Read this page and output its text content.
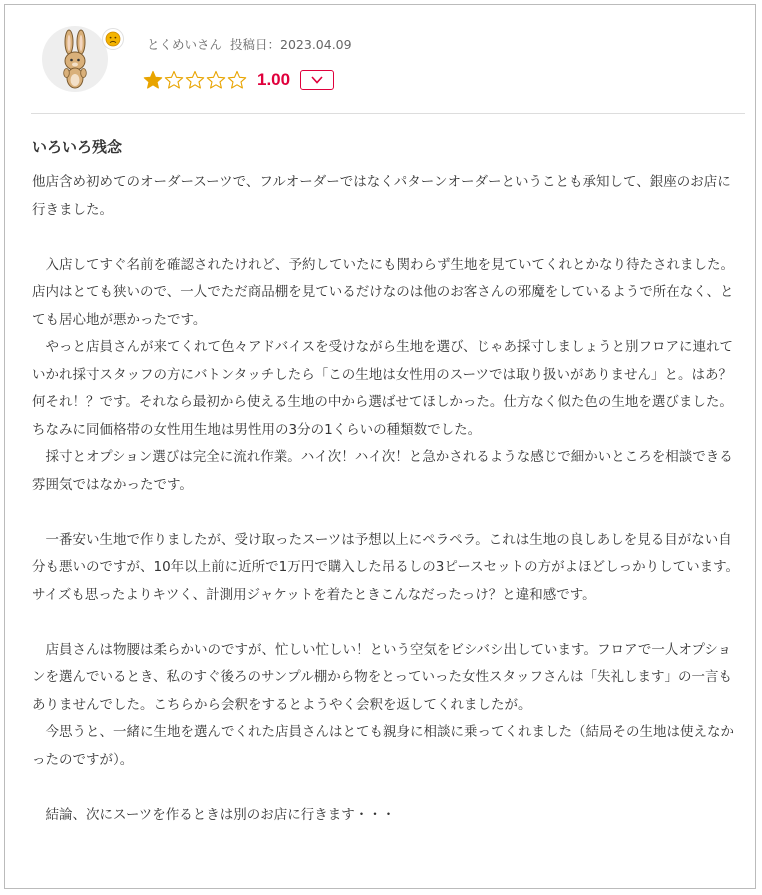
とくめいさん 投稿日：2023.04.09
1.00
いろいろ残念

他店含め初めてのオーダースーツで、フルオーダーではなくパターンオーダーということも承知して、銀座のお店に行きました。

　入店してすぐ名前を確認されたけれど、予約していたにも関わらず生地を見ていてくれとかなり待たされました。店内はとても狭いので、一人でただ商品棚を見ているだけなのは他のお客さんの邪魔をしているようで所在なく、とても居心地が悪かったです。

　やっと店員さんが来てくれて色々アドバイスを受けながら生地を選び、じゃあ採寸しましょうと別フロアに連れていかれ採寸スタッフの方にバトンタッチしたら「この生地は女性用のスーツでは取り扱いがありません」と。はあ？何それ！？です。それなら最初から使える生地の中から選ばせてほしかった。仕方なく似た色の生地を選びました。ちなみに同価格帯の女性用生地は男性用の3分の1くらいの種類数でした。

　採寸とオプション選びは完全に流れ作業。ハイ次！ハイ次！と急かされるような感じで細かいところを相談できる雰囲気ではなかったです。

　一番安い生地で作りましたが、受け取ったスーツは予想以上にペラペラ。これは生地の良しあしを見る目がない自分も悪いのですが、10年以上前に近所で1万円で購入した吊るしの3ピースセットの方がよほどしっかりしています。サイズも思ったよりキツく、計測用ジャケットを着たときこんなだったっけ？と違和感です。

　店員さんは物腰は柔らかいのですが、忙しい忙しい！という空気をビシバシ出しています。フロアで一人オプションを選んでいるとき、私のすぐ後ろのサンプル棚から物をとっていった女性スタッフさんは「失礼します」の一言もありませんでした。こちらから会釈をするとようやく会釈を返してくれましたが。

　今思うと、一緒に生地を選んでくれた店員さんはとても親身に相談に乗ってくれました（結局その生地は使えなかったのですが）。

　結論、次にスーツを作るときは別のお店に行きます・・・
